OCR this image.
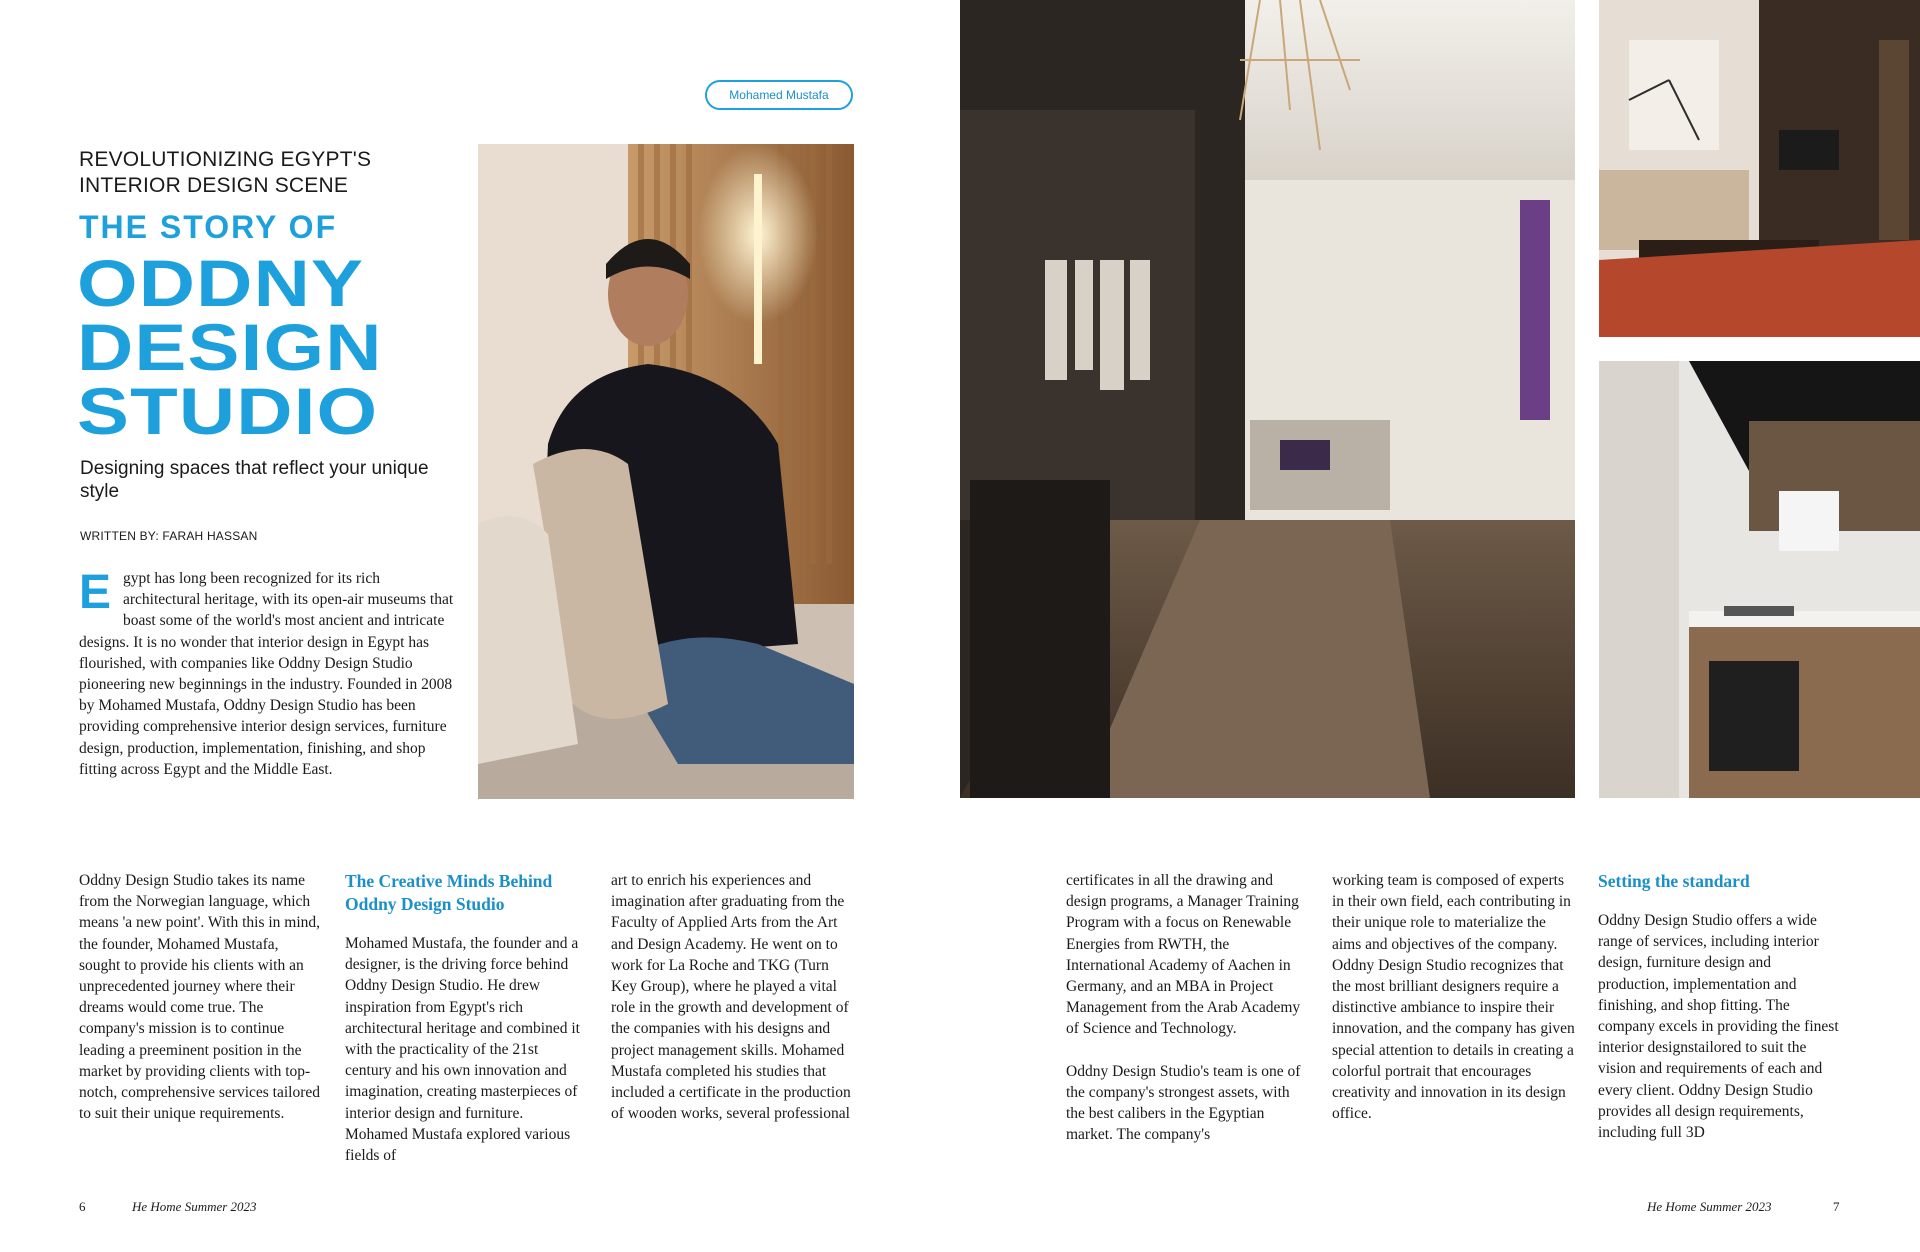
Mohamed Mustafa
REVOLUTIONIZING EGYPT'S INTERIOR DESIGN SCENE
THE STORY OF
ODDNY
DESIGN
STUDIO
Designing spaces that reflect your unique style
WRITTEN BY: FARAH HASSAN
Egypt has long been recognized for its rich architectural heritage, with its open-air museums that boast some of the world's most ancient and intricate designs. It is no wonder that interior design in Egypt has flourished, with companies like Oddny Design Studio pioneering new beginnings in the industry. Founded in 2008 by Mohamed Mustafa, Oddny Design Studio has been providing comprehensive interior design services, furniture design, production, implementation, finishing, and shop fitting across Egypt and the Middle East.

Oddny Design Studio takes its name from the Norwegian language, which means 'a new point'. With this in mind, the founder, Mohamed Mustafa, sought to provide his clients with an unprecedented journey where their dreams would come true. The company's mission is to continue leading a preeminent position in the market by providing clients with top-notch, comprehensive services tailored to suit their unique requirements.

The Creative Minds Behind Oddny Design Studio

Mohamed Mustafa, the founder and a designer, is the driving force behind Oddny Design Studio. He drew inspiration from Egypt's rich architectural heritage and combined it with the practicality of the 21st century and his own innovation and imagination, creating masterpieces of interior design and furniture. Mohamed Mustafa explored various fields of

art to enrich his experiences and imagination after graduating from the Faculty of Applied Arts from the Art and Design Academy. He went on to work for La Roche and TKG (Turn Key Group), where he played a vital role in the growth and development of the companies with his designs and project management skills. Mohamed Mustafa completed his studies that included a certificate in the production of wooden works, several professional

6	He Home Summer 2023

certificates in all the drawing and design programs, a Manager Training Program with a focus on Renewable Energies from RWTH, the International Academy of Aachen in Germany, and an MBA in Project Management from the Arab Academy of Science and Technology.

Oddny Design Studio's team is one of the company's strongest assets, with the best calibers in the Egyptian market. The company's

working team is composed of experts in their own field, each contributing in their unique role to materialize the aims and objectives of the company. Oddny Design Studio recognizes that the most brilliant designers require a distinctive ambiance to inspire their innovation, and the company has given special attention to details in creating a colorful portrait that encourages creativity and innovation in its design office.

Setting the standard

Oddny Design Studio offers a wide range of services, including interior design, furniture design and production, implementation and finishing, and shop fitting. The company excels in providing the finest interior designstailored to suit the vision and requirements of each and every client. Oddny Design Studio provides all design requirements, including full 3D

He Home Summer 2023	7
